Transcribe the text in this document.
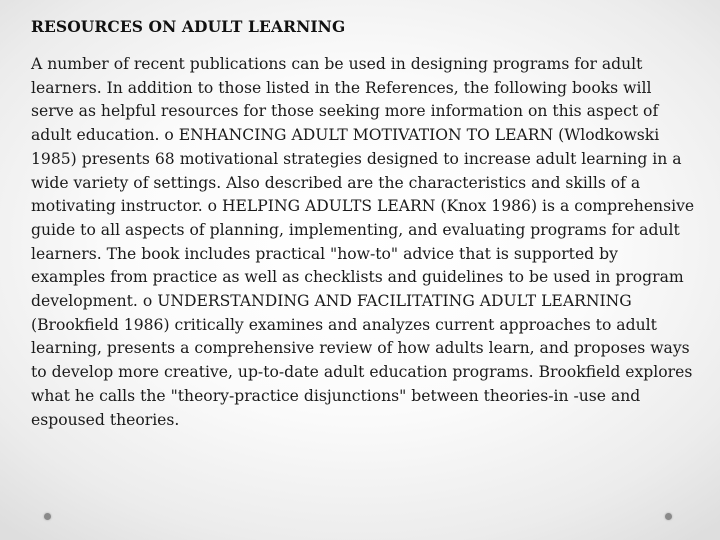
RESOURCES ON ADULT LEARNING

A number of recent publications can be used in designing programs for adult learners. In addition to those listed in the References, the following books will serve as helpful resources for those seeking more information on this aspect of adult education. o ENHANCING ADULT MOTIVATION TO LEARN (Wlodkowski 1985) presents 68 motivational strategies designed to increase adult learning in a wide variety of settings. Also described are the characteristics and skills of a motivating instructor. o HELPING ADULTS LEARN (Knox 1986) is a comprehensive guide to all aspects of planning, implementing, and evaluating programs for adult learners. The book includes practical "how-to" advice that is supported by examples from practice as well as checklists and guidelines to be used in program development. o UNDERSTANDING AND FACILITATING ADULT LEARNING (Brookfield 1986) critically examines and analyzes current approaches to adult learning, presents a comprehensive review of how adults learn, and proposes ways to develop more creative, up-to-date adult education programs. Brookfield explores what he calls the "theory-practice disjunctions" between theories-in -use and espoused theories.
